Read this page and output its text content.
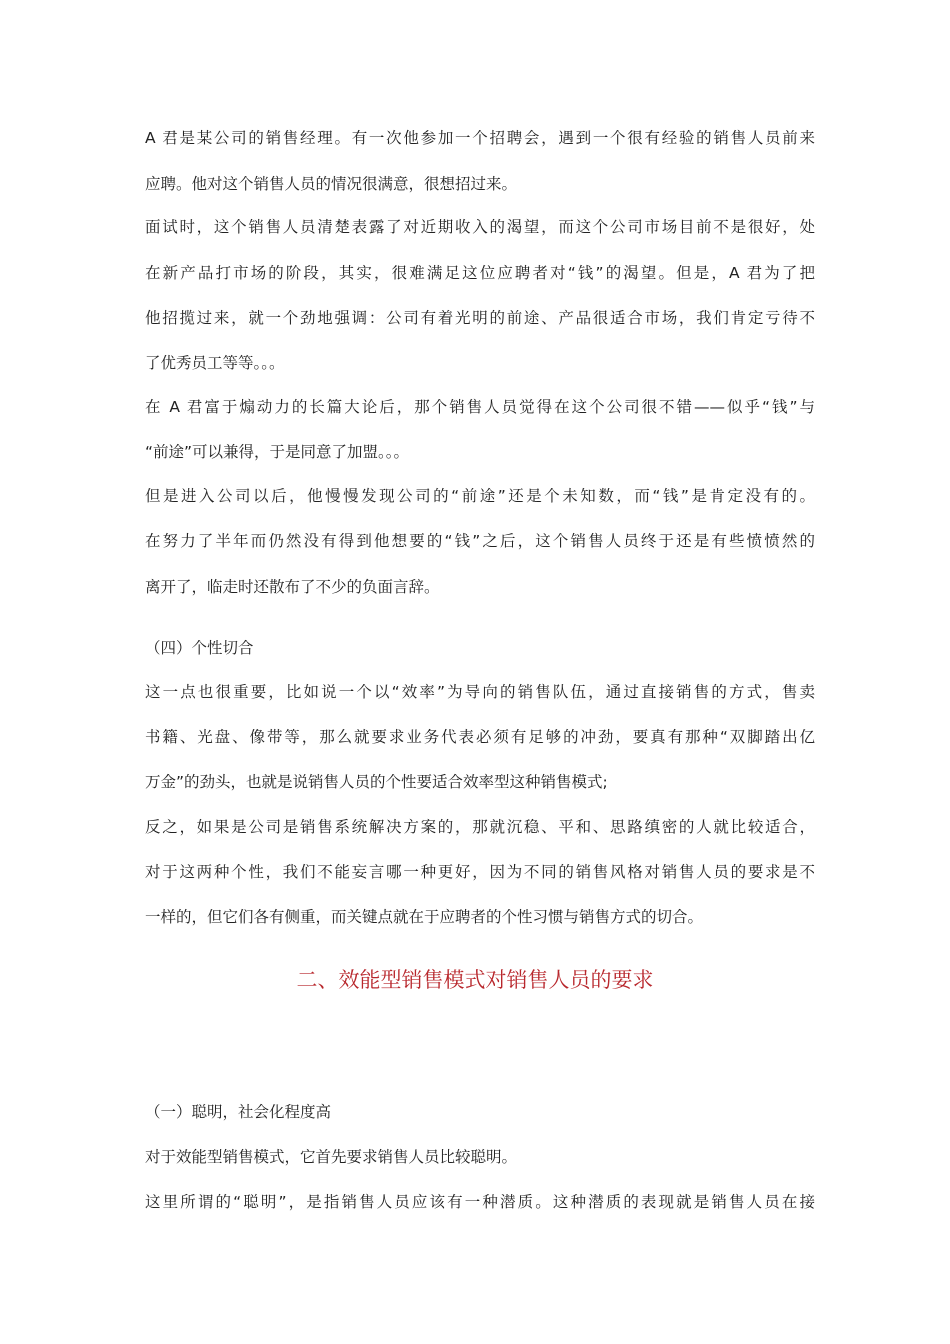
A 君是某公司的销售经理。有一次他参加一个招聘会，遇到一个很有经验的销售人员前来
应聘。他对这个销售人员的情况很满意，很想招过来。
面试时，这个销售人员清楚表露了对近期收入的渴望，而这个公司市场目前不是很好，处
在新产品打市场的阶段，其实，很难满足这位应聘者对“钱”的渴望。但是，A 君为了把
他招揽过来，就一个劲地强调：公司有着光明的前途、产品很适合市场，我们肯定亏待不
了优秀员工等等。。。
在 A 君富于煽动力的长篇大论后，那个销售人员觉得在这个公司很不错——似乎“钱”与
“前途”可以兼得，于是同意了加盟。。。
但是进入公司以后，他慢慢发现公司的“前途”还是个未知数，而“钱”是肯定没有的。
在努力了半年而仍然没有得到他想要的“钱”之后，这个销售人员终于还是有些愤愤然的
离开了，临走时还散布了不少的负面言辞。
（四）个性切合
这一点也很重要，比如说一个以“效率”为导向的销售队伍，通过直接销售的方式，售卖
书籍、光盘、像带等，那么就要求业务代表必须有足够的冲劲，要真有那种“双脚踏出亿
万金”的劲头，也就是说销售人员的个性要适合效率型这种销售模式;
反之，如果是公司是销售系统解决方案的，那就沉稳、平和、思路缜密的人就比较适合，
对于这两种个性，我们不能妄言哪一种更好，因为不同的销售风格对销售人员的要求是不
一样的，但它们各有侧重，而关键点就在于应聘者的个性习惯与销售方式的切合。
二、效能型销售模式对销售人员的要求
（一）聪明，社会化程度高
对于效能型销售模式，它首先要求销售人员比较聪明。
这里所谓的“聪明”，是指销售人员应该有一种潜质。这种潜质的表现就是销售人员在接
